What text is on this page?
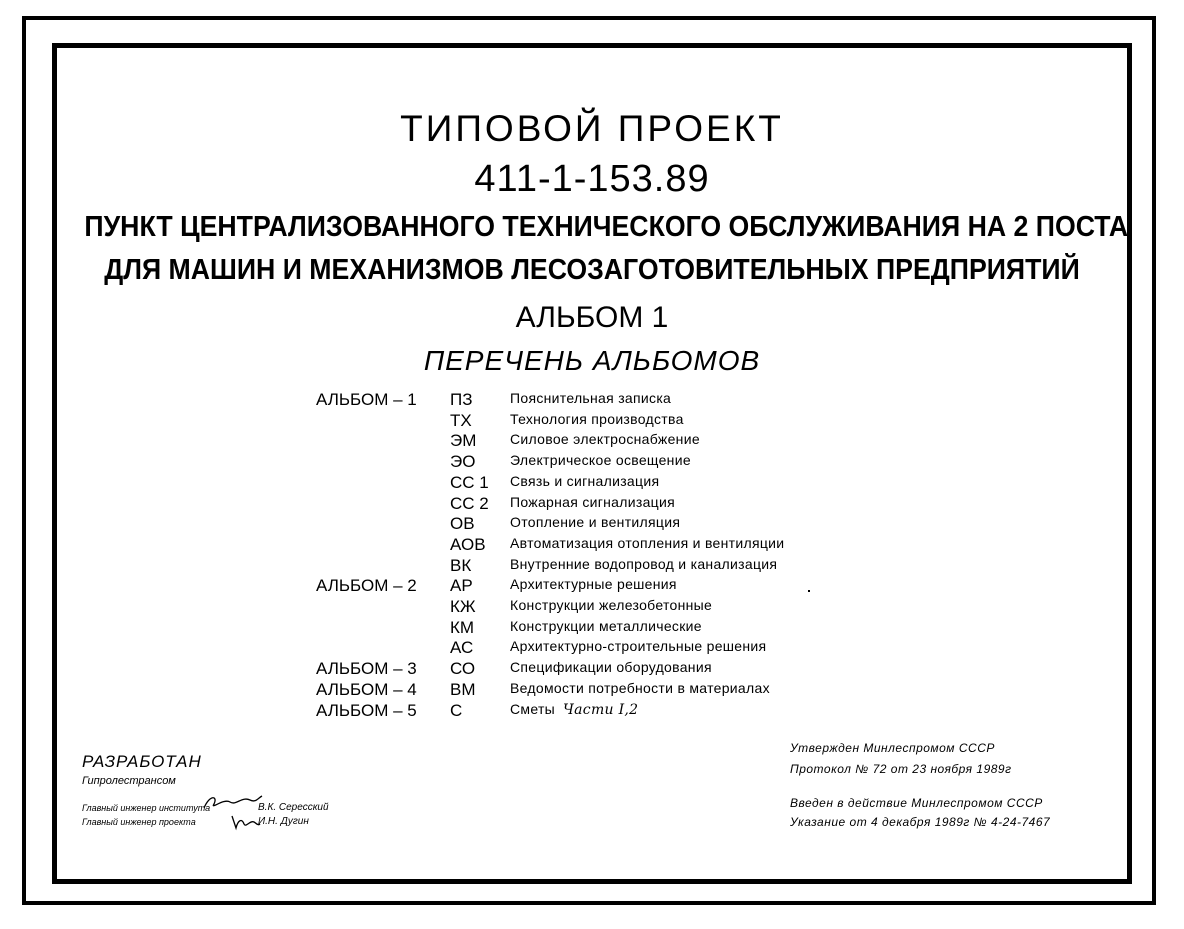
ТИПОВОЙ ПРОЕКТ
411-1-153.89
ПУНКТ ЦЕНТРАЛИЗОВАННОГО ТЕХНИЧЕСКОГО ОБСЛУЖИВАНИЯ НА 2 ПОСТА
ДЛЯ МАШИН И МЕХАНИЗМОВ ЛЕСОЗАГОТОВИТЕЛЬНЫХ ПРЕДПРИЯТИЙ
АЛЬБОМ 1
ПЕРЕЧЕНЬ АЛЬБОМОВ
АЛЬБОМ – 1 ПЗ	Пояснительная записка
ТХ	Технология производства
ЭМ Силовое электроснабжение
ЭО Электрическое освещение
СС 1 Связь и сигнализация
СС 2 Пожарная сигнализация
ОВ	Отопление и вентиляция
АОВ Автоматизация отопления и вентиляции
ВК	Внутренние водопровод и канализация
АЛЬБОМ – 2 АР	Архитектурные решения
КЖ Конструкции железобетонные
КМ	Конструкции металлические
АС	Архитектурно-строительные решения
АЛЬБОМ – 3 СО Спецификации оборудования
АЛЬБОМ – 4 ВМ Ведомости потребности в материалах
АЛЬБОМ – 5 С	Сметы Части I,2
РАЗРАБОТАН
Гипролестрансом
Главный инженер института	В.К. Сересский
Главный инженер проекта	И.Н. Дугин
Утвержден Минлеспромом СССР
Протокол № 72 от 23 ноября 1989г
Введен в действие Минлеспромом СССР
Указание от 4 декабря 1989г № 4-24-7467
